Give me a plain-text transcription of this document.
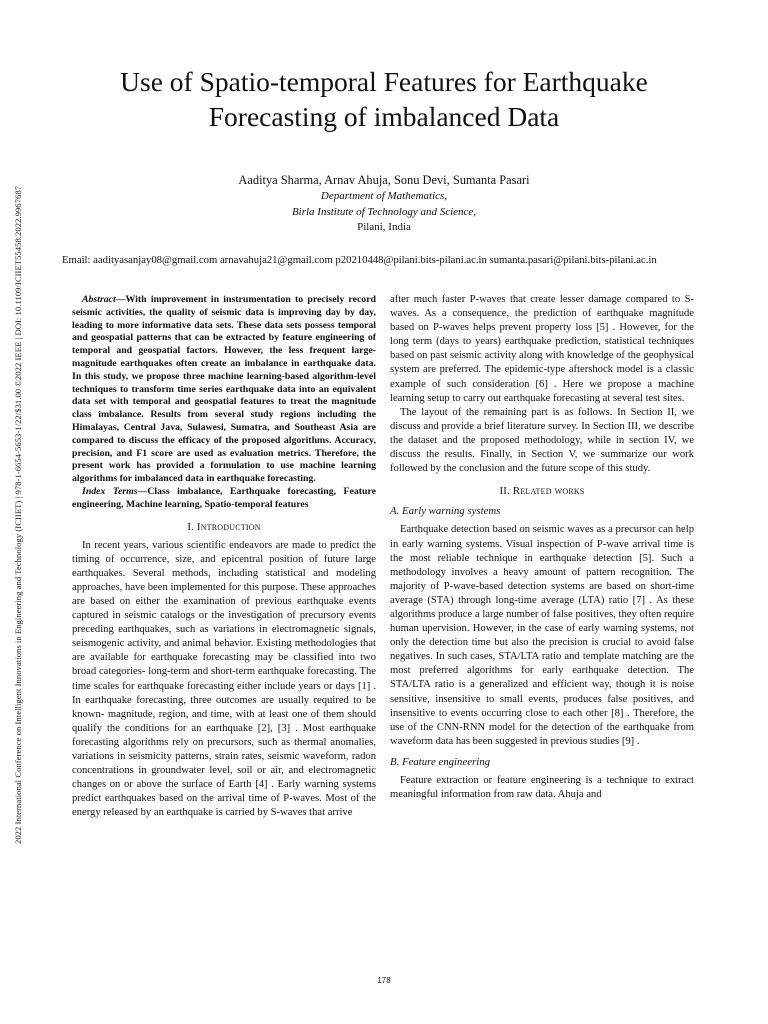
2022 International Conference on Intelligent Innovations in Engineering and Technology (ICIIET) | 978-1-6654-5653-1/22/$31.00 ©2022 IEEE | DOI: 10.1109/ICIIET55458.2022.9967687
Use of Spatio-temporal Features for Earthquake
Forecasting of imbalanced Data
Aaditya Sharma, Arnav Ahuja, Sonu Devi, Sumanta Pasari
Department of Mathematics,
Birla Institute of Technology and Science,
Pilani, India
Email: aadityasanjay08@gmail.com arnavahuja21@gmail.com p20210448@pilani.bits-pilani.ac.in sumanta.pasari@pilani.bits-pilani.ac.in

Abstract—With improvement in instrumentation to precisely record seismic activities, the quality of seismic data is improving day by day, leading to more informative data sets. These data sets possess temporal and geospatial patterns that can be extracted by feature engineering of temporal and geospatial factors. However, the less frequent large-magnitude earthquakes often create an imbalance in earthquake data. In this study, we propose three machine learning-based algorithm-level techniques to transform time series earthquake data into an equivalent data set with temporal and geospatial features to treat the magnitude class imbalance. Results from several study regions including the Himalayas, Central Java, Sulawesi, Sumatra, and Southeast Asia are compared to discuss the efficacy of the proposed algorithms. Accuracy, precision, and F1 score are used as evaluation metrics. Therefore, the present work has provided a formulation to use machine learning algorithms for imbalanced data in earthquake forecasting.

Index Terms—Class imbalance, Earthquake forecasting, Feature engineering, Machine learning, Spatio-temporal features

I. Introduction

In recent years, various scientific endeavors are made to predict the timing of occurrence, size, and epicentral position of future large earthquakes. Several methods, including statistical and modeling approaches, have been implemented for this purpose. These approaches are based on either the examination of previous earthquake events captured in seismic catalogs or the investigation of precursory events preceding earthquakes, such as variations in electromagnetic signals, seismogenic activity, and animal behavior. Existing methodologies that are available for earthquake forecasting may be classified into two broad categories- long-term and short-term earthquake forecasting. The time scales for earthquake forecasting either include years or days [1] . In earthquake forecasting, three outcomes are usually required to be known- magnitude, region, and time, with at least one of them should qualify the conditions for an earthquake [2], [3] . Most earthquake forecasting algorithms rely on precursors, such as thermal anomalies, variations in seismicity patterns, strain rates, seismic waveform, radon concentrations in groundwater level, soil or air, and electromagnetic changes on or above the surface of Earth [4] . Early warning systems predict earthquakes based on the arrival time of P-waves. Most of the energy released by an earthquake is carried by S-waves that arrive

after much faster P-waves that create lesser damage compared to S-waves. As a consequence, the prediction of earthquake magnitude based on P-waves helps prevent property loss [5] . However, for the long term (days to years) earthquake prediction, statistical techniques based on past seismic activity along with knowledge of the geophysical system are preferred. The epidemic-type aftershock model is a classic example of such consideration [6] . Here we propose a machine learning setup to carry out earthquake forecasting at several test sites.

The layout of the remaining part is as follows. In Section II, we discuss and provide a brief literature survey. In Section III, we describe the dataset and the proposed methodology, while in section IV, we discuss the results. Finally, in Section V, we summarize our work followed by the conclusion and the future scope of this study.

II. Related works
A. Early warning systems

Earthquake detection based on seismic waves as a precursor can help in early warning systems. Visual inspection of P-wave arrival time is the most reliable technique in earthquake detection [5]. Such a methodology involves a heavy amount of pattern recognition. The majority of P-wave-based detection systems are based on short-time average (STA) through long-time average (LTA) ratio [7] . As these algorithms produce a large number of false positives, they often require human upervision. However, in the case of early warning systems, not only the detection time but also the precision is crucial to avoid false negatives. In such cases, STA/LTA ratio and template matching are the most preferred algorithms for early earthquake detection. The STA/LTA ratio is a generalized and efficient way, though it is noise sensitive, insensitive to small events, produces false positives, and insensitive to events occurring close to each other [8] . Therefore, the use of the CNN-RNN model for the detection of the earthquake from waveform data has been suggested in previous studies [9] .

B. Feature engineering

Feature extraction or feature engineering is a technique to extract meaningful information from raw data. Ahuja and

178
